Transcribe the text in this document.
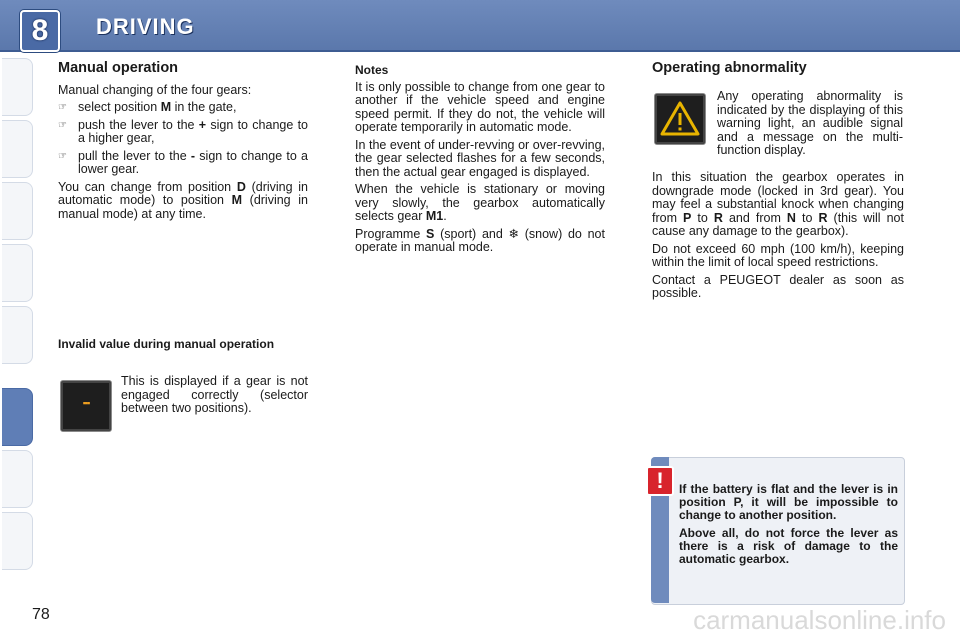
8	DRIVING
Manual operation

Manual changing of the four gears:

☞ select position M in the gate,
☞ push the lever to the + sign to change to a higher gear,
☞ pull the lever to the - sign to change to a lower gear.

You can change from position D (driving in automatic mode) to position M (driving in manual mode) at any time.

Invalid value during manual operation
▪▪▪

This is displayed if a gear is not engaged correctly (selector between two positions).

Notes

It is only possible to change from one gear to another if the vehicle speed and engine speed permit. If they do not, the vehicle will operate temporarily in automatic mode.

In the event of under-revving or over-revving, the gear selected flashes for a few seconds, then the actual gear engaged is displayed.

When the vehicle is stationary or moving very slowly, the gearbox automatically selects gear M1.

Programme S (sport) and ❄ (snow) do not operate in manual mode.

Operating abnormality

Any operating abnormality is indicated by the displaying of this warning light, an audible signal and a message on the multi-function display.

In this situation the gearbox operates in downgrade mode (locked in 3rd gear). You may feel a substantial knock when changing from P to R and from N to R (this will not cause any damage to the gearbox).

Do not exceed 60 mph (100 km/h), keeping within the limit of local speed restrictions.

Contact a PEUGEOT dealer as soon as possible.

!	If the battery is flat and the lever is in position P, it will be impossible to change to another position.

Above all, do not force the lever as there is a risk of damage to the automatic gearbox.

78	carmanualsonline.info
